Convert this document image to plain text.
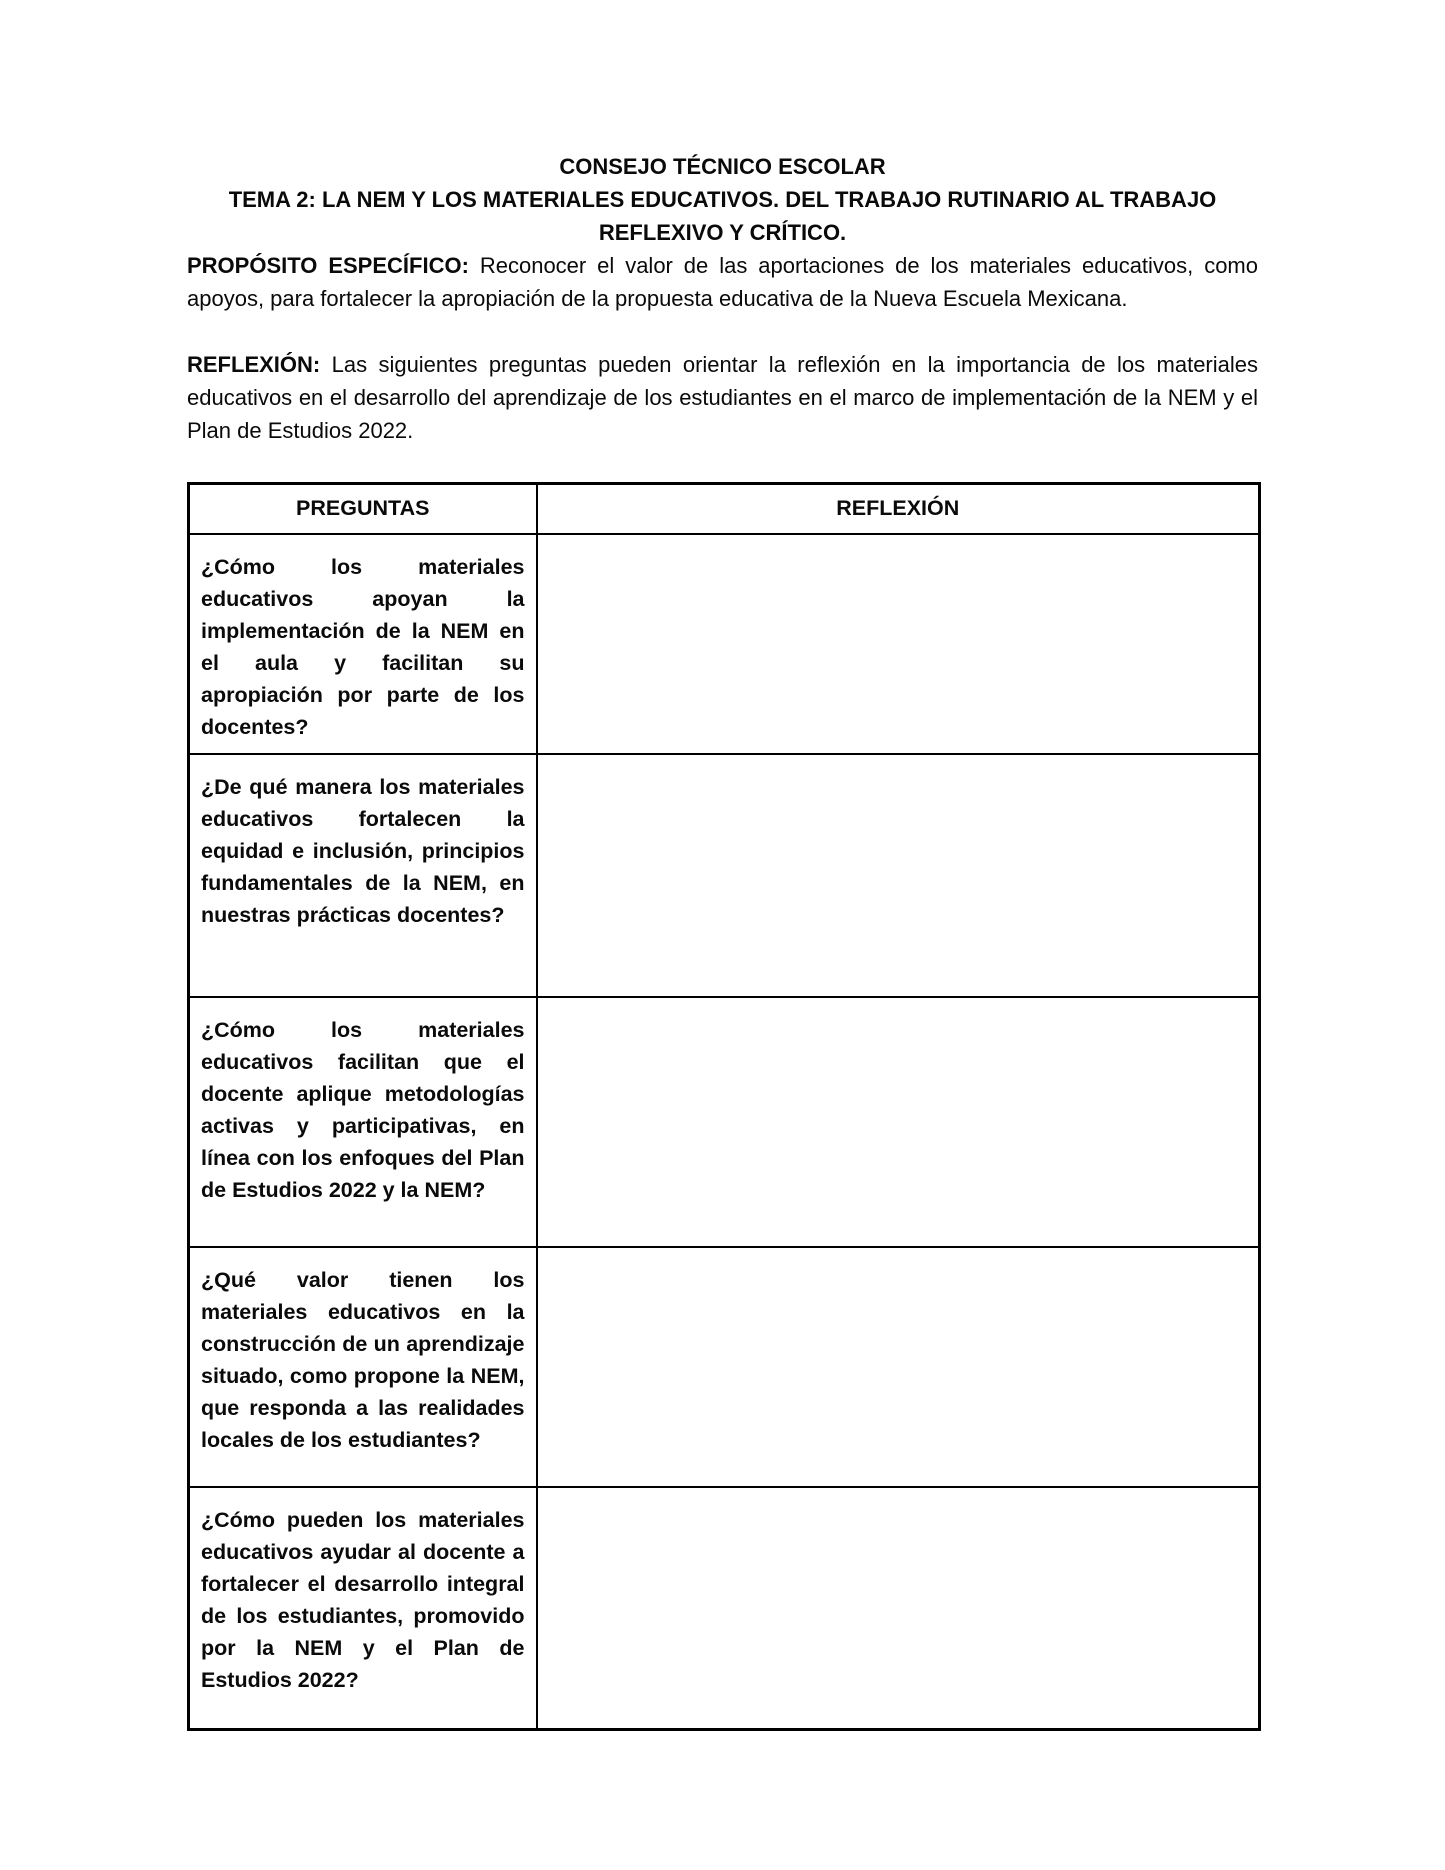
CONSEJO TÉCNICO ESCOLAR
TEMA 2: LA NEM Y LOS MATERIALES EDUCATIVOS. DEL TRABAJO RUTINARIO AL TRABAJO REFLEXIVO Y CRÍTICO.

PROPÓSITO ESPECÍFICO: Reconocer el valor de las aportaciones de los materiales educativos, como apoyos, para fortalecer la apropiación de la propuesta educativa de la Nueva Escuela Mexicana.

REFLEXIÓN: Las siguientes preguntas pueden orientar la reflexión en la importancia de los materiales educativos en el desarrollo del aprendizaje de los estudiantes en el marco de implementación de la NEM y el Plan de Estudios 2022.

PREGUNTAS	REFLEXIÓN
¿Cómo los materiales educativos apoyan la implementación de la NEM en el aula y facilitan su apropiación por parte de los docentes?	
¿De qué manera los materiales educativos fortalecen la equidad e inclusión, principios fundamentales de la NEM, en nuestras prácticas docentes?	
¿Cómo los materiales educativos facilitan que el docente aplique metodologías activas y participativas, en línea con los enfoques del Plan de Estudios 2022 y la NEM?	
¿Qué valor tienen los materiales educativos en la construcción de un aprendizaje situado, como propone la NEM, que responda a las realidades locales de los estudiantes?	
¿Cómo pueden los materiales educativos ayudar al docente a fortalecer el desarrollo integral de los estudiantes, promovido por la NEM y el Plan de Estudios 2022?	
